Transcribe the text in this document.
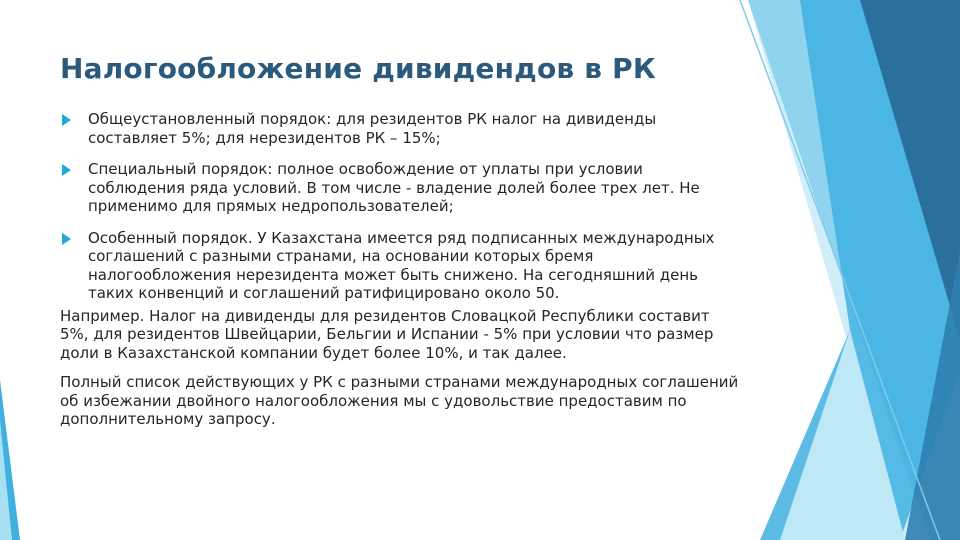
Налогообложение дивидендов в РК
Общеустановленный порядок: для резидентов РК налог на дивиденды составляет 5%; для нерезидентов РК – 15%;
Специальный порядок: полное освобождение от уплаты при условии соблюдения ряда условий. В том числе - владение долей более трех лет. Не применимо для прямых недропользователей;
Особенный порядок. У Казахстана имеется ряд подписанных международных соглашений с разными странами, на основании которых бремя налогообложения нерезидента может быть снижено. На сегодняшний день таких конвенций и соглашений ратифицировано около 50.

Например. Налог на дивиденды для резидентов Словацкой Республики составит 5%, для резидентов Швейцарии, Бельгии и Испании - 5% при условии что размер доли в Казахстанской компании будет более 10%, и так далее.

Полный список действующих у РК с разными странами международных соглашений об избежании двойного налогообложения мы с удовольствие предоставим по дополнительному запросу.
